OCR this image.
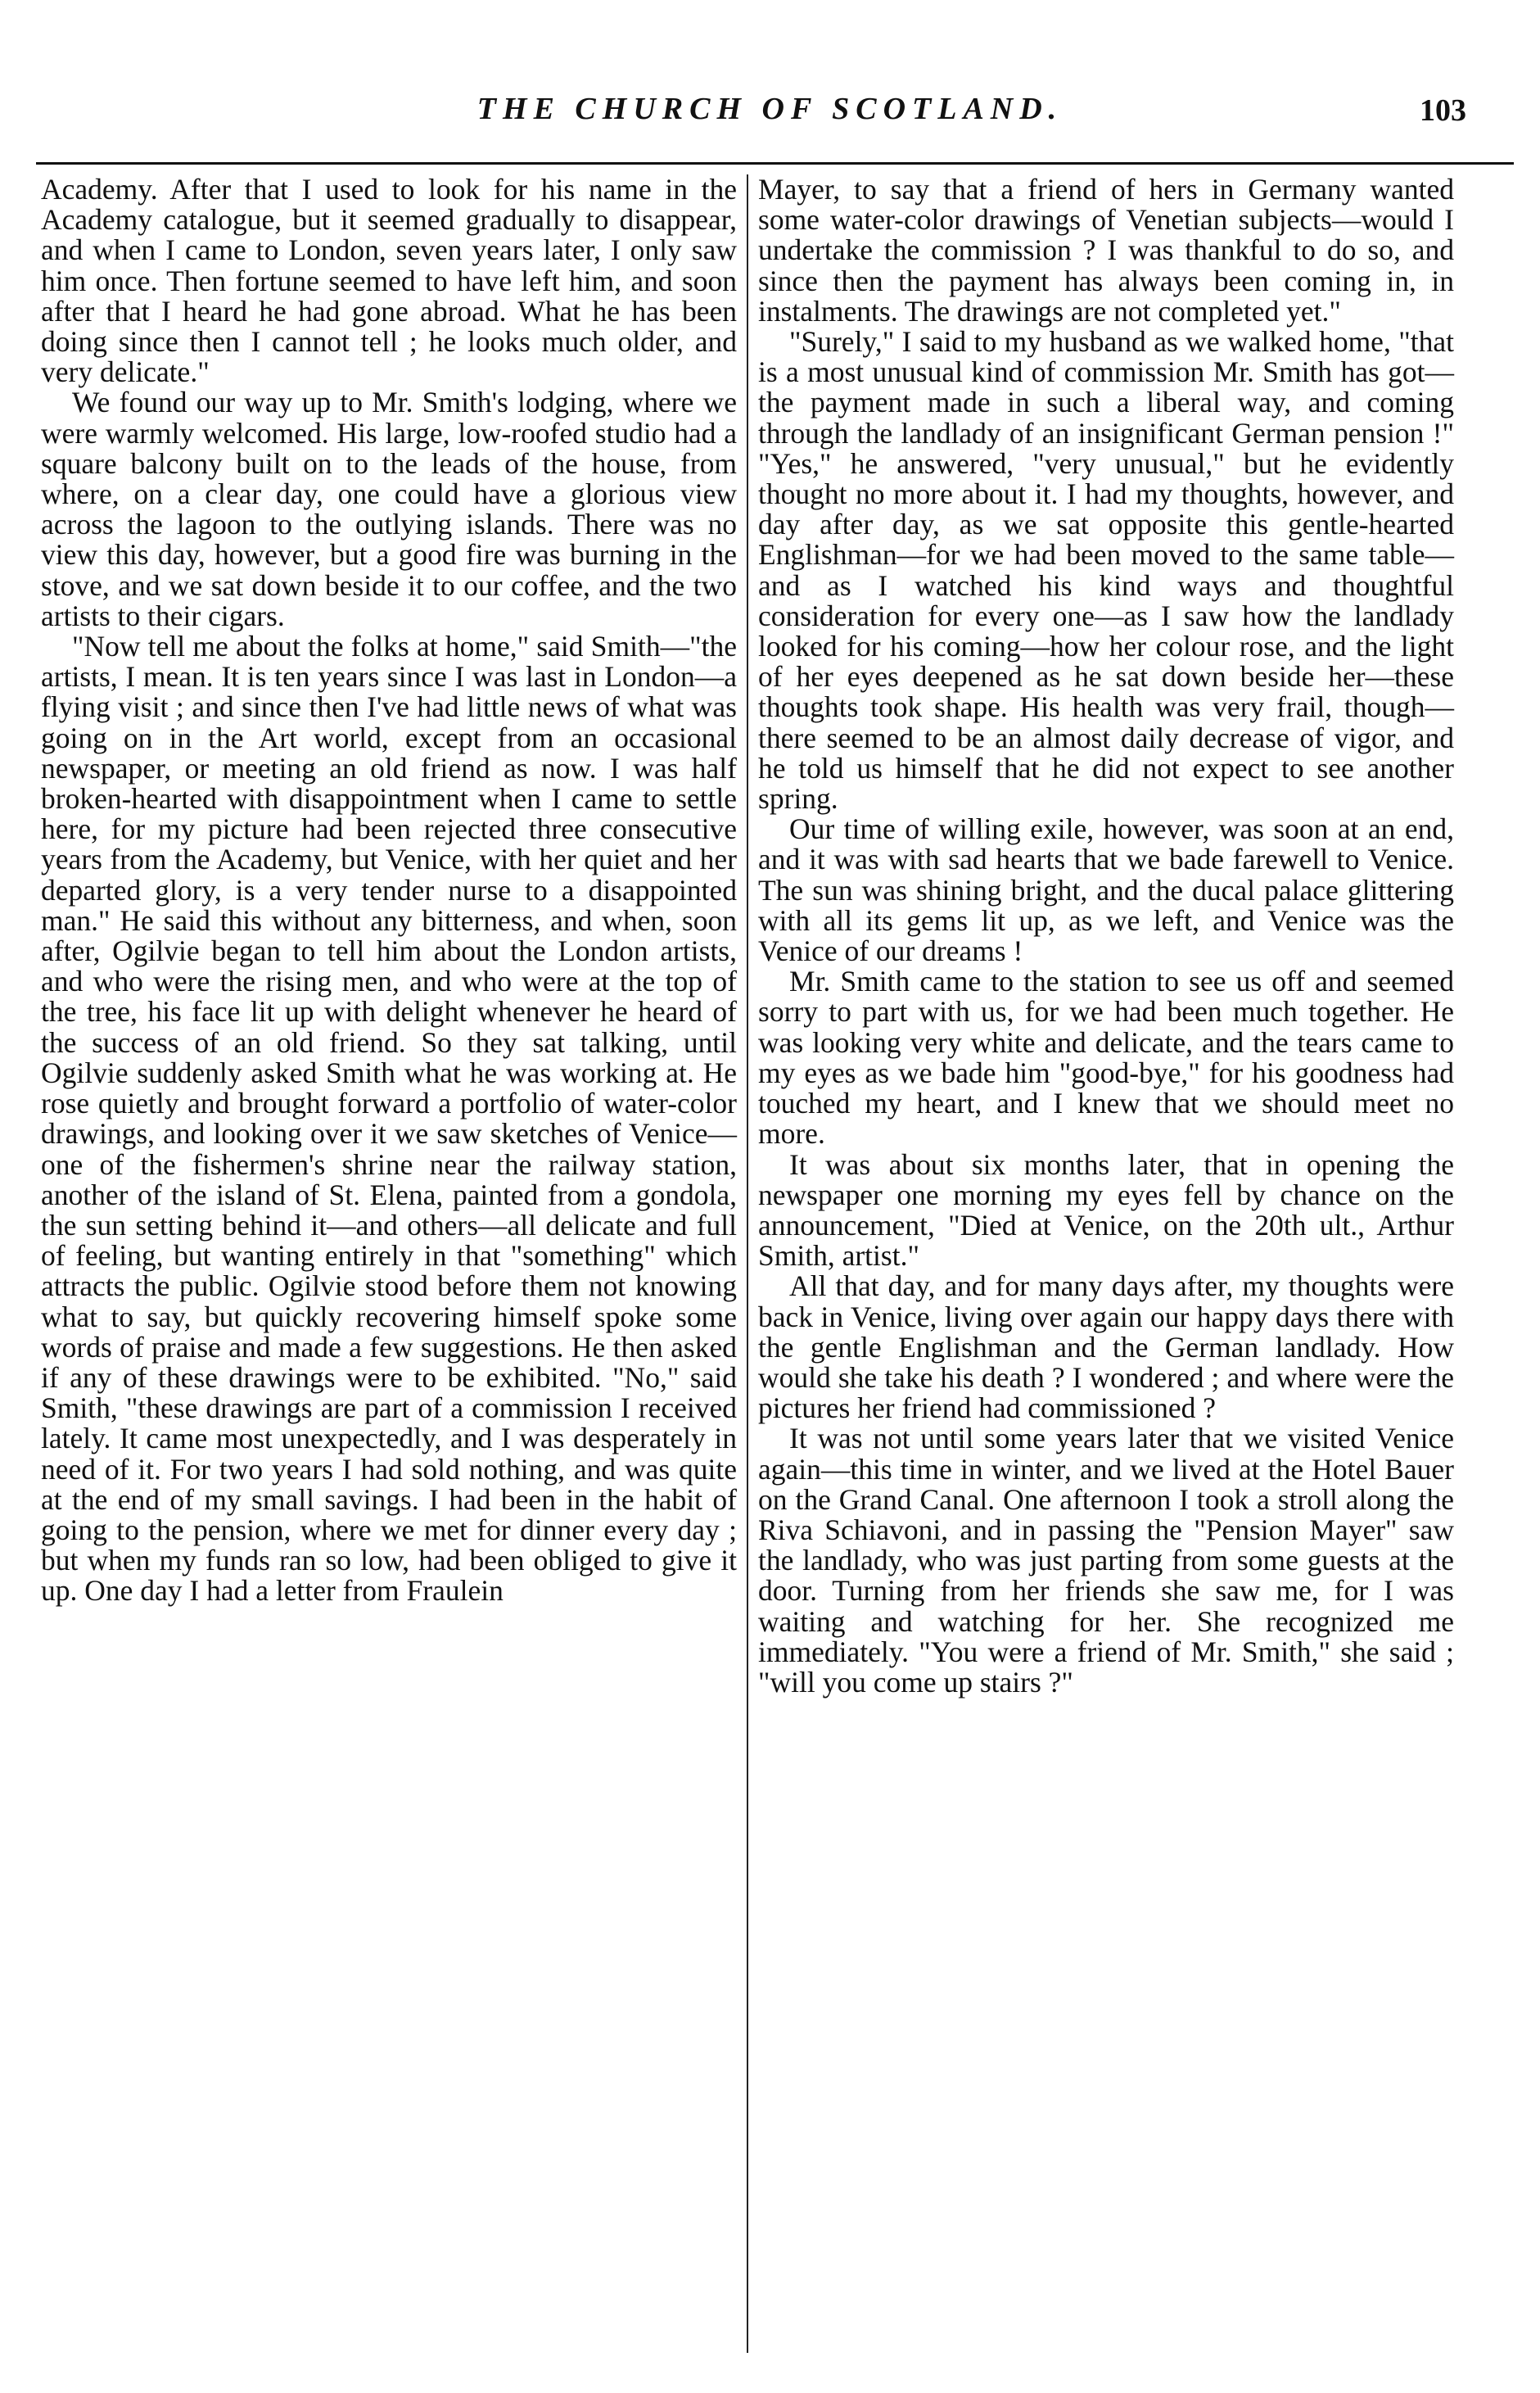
THE CHURCH OF SCOTLAND.	103

Academy. After that I used to look for his name in the Academy catalogue, but it seemed gradually to disappear, and when I came to London, seven years later, I only saw him once. Then fortune seemed to have left him, and soon after that I heard he had gone abroad. What he has been doing since then I cannot tell ; he looks much older, and very delicate."

We found our way up to Mr. Smith's lodging, where we were warmly welcomed. His large, low-roofed studio had a square balcony built on to the leads of the house, from where, on a clear day, one could have a glorious view across the lagoon to the outlying islands. There was no view this day, however, but a good fire was burning in the stove, and we sat down beside it to our coffee, and the two artists to their cigars.

"Now tell me about the folks at home," said Smith—"the artists, I mean. It is ten years since I was last in London—a flying visit ; and since then I've had little news of what was going on in the Art world, except from an occasional newspaper, or meeting an old friend as now. I was half broken-hearted with disappointment when I came to settle here, for my picture had been rejected three consecutive years from the Academy, but Venice, with her quiet and her departed glory, is a very tender nurse to a disappointed man." He said this without any bitterness, and when, soon after, Ogilvie began to tell him about the London artists, and who were the rising men, and who were at the top of the tree, his face lit up with delight whenever he heard of the success of an old friend. So they sat talking, until Ogilvie suddenly asked Smith what he was working at. He rose quietly and brought forward a portfolio of water-color drawings, and looking over it we saw sketches of Venice—one of the fishermen's shrine near the railway station, another of the island of St. Elena, painted from a gondola, the sun setting behind it—and others—all delicate and full of feeling, but wanting entirely in that "something" which attracts the public. Ogilvie stood before them not knowing what to say, but quickly recovering himself spoke some words of praise and made a few suggestions. He then asked if any of these drawings were to be exhibited. "No," said Smith, "these drawings are part of a commission I received lately. It came most unexpectedly, and I was desperately in need of it. For two years I had sold nothing, and was quite at the end of my small savings. I had been in the habit of going to the pension, where we met for dinner every day ; but when my funds ran so low, had been obliged to give it up. One day I had a letter from Fraulein

Mayer, to say that a friend of hers in Germany wanted some water-color drawings of Venetian subjects—would I undertake the commission ? I was thankful to do so, and since then the payment has always been coming in, in instalments. The drawings are not completed yet."

"Surely," I said to my husband as we walked home, "that is a most unusual kind of commission Mr. Smith has got—the payment made in such a liberal way, and coming through the landlady of an insignificant German pension !" "Yes," he answered, "very unusual," but he evidently thought no more about it. I had my thoughts, however, and day after day, as we sat opposite this gentle-hearted Englishman—for we had been moved to the same table—and as I watched his kind ways and thoughtful consideration for every one—as I saw how the landlady looked for his coming—how her colour rose, and the light of her eyes deepened as he sat down beside her—these thoughts took shape. His health was very frail, though—there seemed to be an almost daily decrease of vigor, and he told us himself that he did not expect to see another spring.

Our time of willing exile, however, was soon at an end, and it was with sad hearts that we bade farewell to Venice. The sun was shining bright, and the ducal palace glittering with all its gems lit up, as we left, and Venice was the Venice of our dreams !

Mr. Smith came to the station to see us off and seemed sorry to part with us, for we had been much together. He was looking very white and delicate, and the tears came to my eyes as we bade him "good-bye," for his goodness had touched my heart, and I knew that we should meet no more.

It was about six months later, that in opening the newspaper one morning my eyes fell by chance on the announcement, "Died at Venice, on the 20th ult., Arthur Smith, artist."

All that day, and for many days after, my thoughts were back in Venice, living over again our happy days there with the gentle Englishman and the German landlady. How would she take his death ? I wondered ; and where were the pictures her friend had commissioned ?

It was not until some years later that we visited Venice again—this time in winter, and we lived at the Hotel Bauer on the Grand Canal. One afternoon I took a stroll along the Riva Schiavoni, and in passing the "Pension Mayer" saw the landlady, who was just parting from some guests at the door. Turning from her friends she saw me, for I was waiting and watching for her. She recognized me immediately. "You were a friend of Mr. Smith," she said ; "will you come up stairs ?"
